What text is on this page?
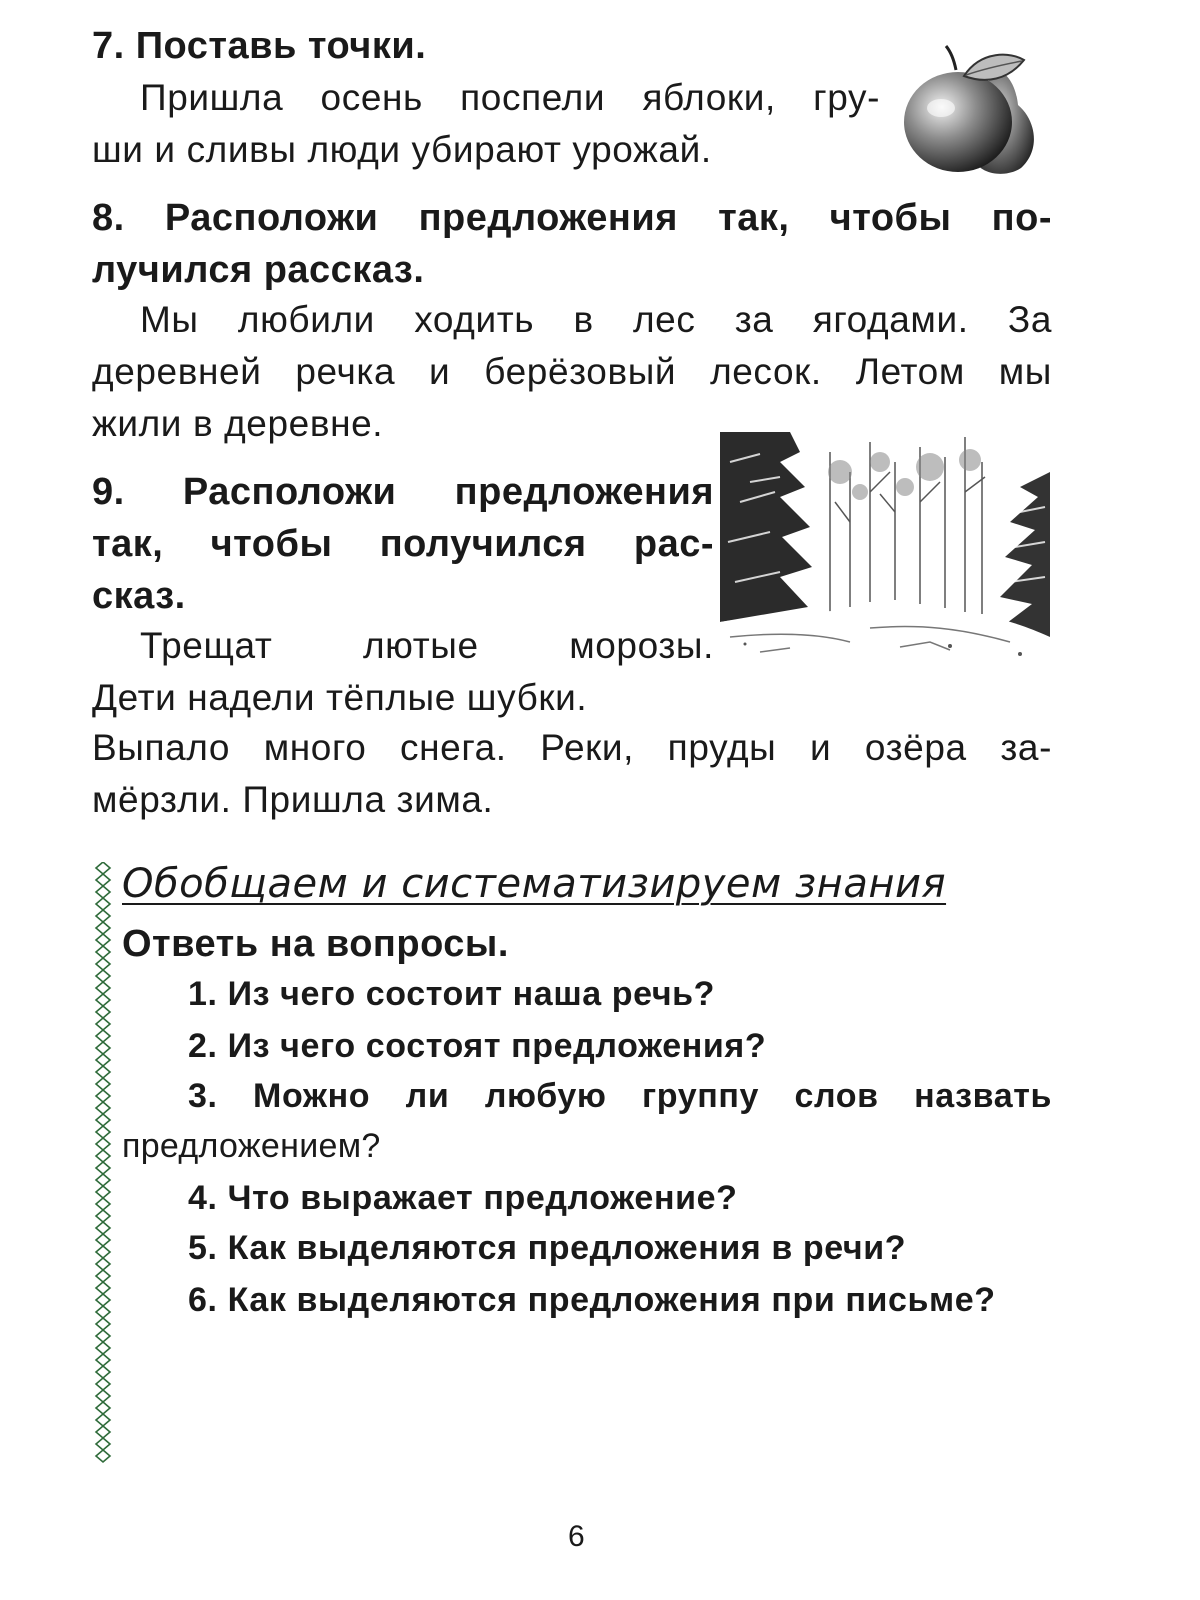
7. Поставь точки.
Пришла осень поспели яблоки, гру-
ши и сливы люди убирают урожай.
8. Расположи предложения так, чтобы по-
лучился рассказ.
Мы любили ходить в лес за ягодами. За
деревней речка и берёзовый лесок. Летом мы
жили в деревне.
9. Расположи предложения
так, чтобы получился рас-
сказ.
Трещат лютые морозы.
Дети надели тёплые шубки.
Выпало много снега. Реки, пруды и озёра за-
мёрзли. Пришла зима.
Обобщаем и систематизируем знания
Ответь на вопросы.
1. Из чего состоит наша речь?
2. Из чего состоят предложения?
3. Можно ли любую группу слов назвать
предложением?
4. Что выражает предложение?
5. Как выделяются предложения в речи?
6. Как выделяются предложения при письме?
6
